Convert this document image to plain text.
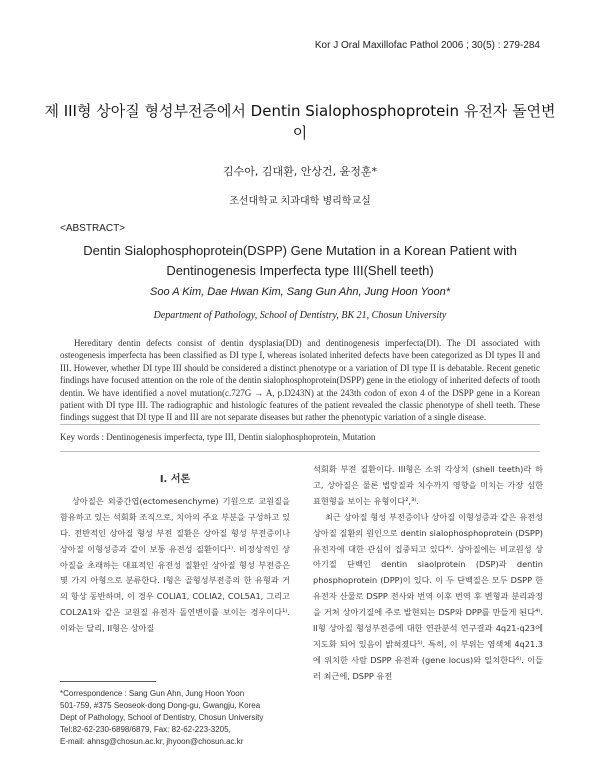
Kor J Oral Maxillofac Pathol 2006 ; 30(5) : 279-284
제 III형 상아질 형성부전증에서 Dentin Sialophosphoprotein 유전자 돌연변이
김수아, 김대환, 안상건, 윤정훈*
조선대학교 치과대학 병리학교실
<ABSTRACT>
Dentin Sialophosphoprotein(DSPP) Gene Mutation in a Korean Patient with
Dentinogenesis Imperfecta type III(Shell teeth)
Soo A Kim, Dae Hwan Kim, Sang Gun Ahn, Jung Hoon Yoon*
Department of Pathology, School of Dentistry, BK 21, Chosun University

Hereditary dentin defects consist of dentin dysplasia(DD) and dentinogenesis imperfecta(DI). The DI associated with osteogenesis imperfecta has been classified as DI type I, whereas isolated inherited defects have been categorized as DI types II and III. However, whether DI type III should be considered a distinct phenotype or a variation of DI type II is debatable. Recent genetic findings have focused attention on the role of the dentin sialophosphoprotein(DSPP) gene in the etiology of inherited defects of tooth dentin. We have identified a novel mutation(c.727G → A, p.D243N) at the 243th codon of exon 4 of the DSPP gene in a Korean patient with DI type III. The radiographic and histologic features of the patient revealed the classic phenotype of shell teeth. These findings suggest that DI type II and III are not separate diseases but rather the phenotypic variation of a single disease.

Key words : Dentinogenesis imperfecta, type III, Dentin sialophosphoprotein, Mutation

I. 서론

상아질은 외중간엽(ectomesenchyme) 기원으로 교원질을 함유하고 있는 석회화 조직으로, 치아의 주요 부분을 구성하고 있다. 전반적인 상아질 형성 부전 질환은 상아질 형성 부전증이나 상아질 이형성증과 같이 보통 유전성 질환이다¹⁾. 비정상적인 상아질을 초래하는 대표적인 유전성 질환인 상아질 형성 부전증은 몇 가지 아형으로 분류한다. I형은 골형성부전증의 한 유형과 거의 항상 동반하며, 이 경우 COLIA1, COLIA2, COL5A1, 그리고 COL2A1와 같은 교원질 유전자 돌연변이를 보이는 경우이다¹⁾. 이와는 달리, II형은 상아질

석회화 부전 질환이다. III형은 소위 각상치 (shell teeth)라 하고, 상아질은 물론 법랑질과 치수까지 영향을 미치는 가장 심한 표현형을 보이는 유형이다²,³⁾.

최근 상아질 형성 부전증이나 상아질 이형성증과 같은 유전성 상아질 질환의 원인으로 dentin sialophosphoprotein (DSPP) 유전자에 대한 관심이 집중되고 있다⁴⁾. 상아질에는 비교원성 상아기질 단백인 dentin siaolprotein (DSP)과 dentin phosphoprotein (DPP)이 있다. 이 두 단백질은 모두 DSPP 한 유전자 산물로 DSPP 전사와 번역 이후 번역 후 변형과 분리과정을 거쳐 상아기질에 주로 발현되는 DSP와 DPP를 만들게 된다⁴⁾. II형 상아질 형성부전증에 대한 연관분석 연구결과 4q21-q23에 지도화 되어 있음이 밝혀졌다⁵⁾. 특히, 이 부위는 염색체 4q21.3에 위치한 사람 DSPP 유전좌 (gene locus)와 일치한다⁶⁾. 이들러 최근에, DSPP 유전

*Correspondence : Sang Gun Ahn, Jung Hoon Yoon
501-759, #375 Seoseok-dong Dong-gu, Gwangju, Korea
Dept of Pathology, School of Dentistry, Chosun University
Tel:82-62-230-6898/6879, Fax: 82-62-223-3205,
E-mail: ahnsg@chosun.ac.kr, jhyoon@chosun.ac.kr
